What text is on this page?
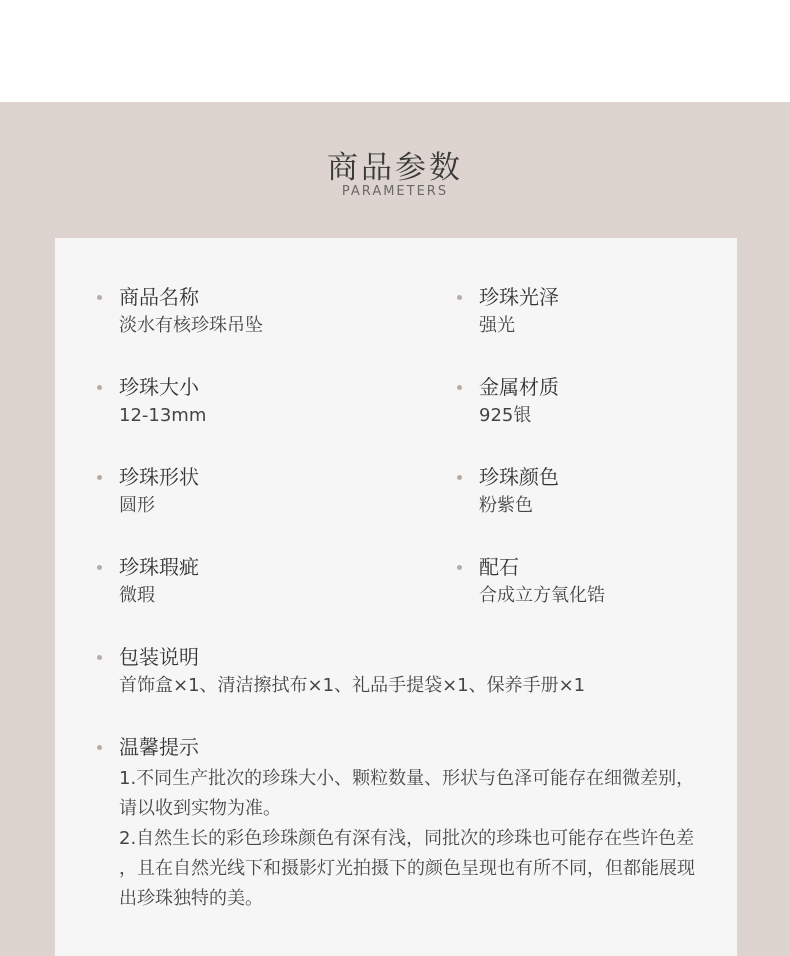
商品参数
PARAMETERS
商品名称
淡水有核珍珠吊坠
珍珠光泽
强光
珍珠大小
12-13mm
金属材质
925银
珍珠形状
圆形
珍珠颜色
粉紫色
珍珠瑕疵
微瑕
配石
合成立方氧化锆
包装说明
首饰盒×1、清洁擦拭布×1、礼品手提袋×1、保养手册×1
温馨提示

1.不同生产批次的珍珠大小、颗粒数量、形状与色泽可能存在细微差别，请以收到实物为准。

2.自然生长的彩色珍珠颜色有深有浅，同批次的珍珠也可能存在些许色差 ，且在自然光线下和摄影灯光拍摄下的颜色呈现也有所不同，但都能展现出珍珠独特的美。
